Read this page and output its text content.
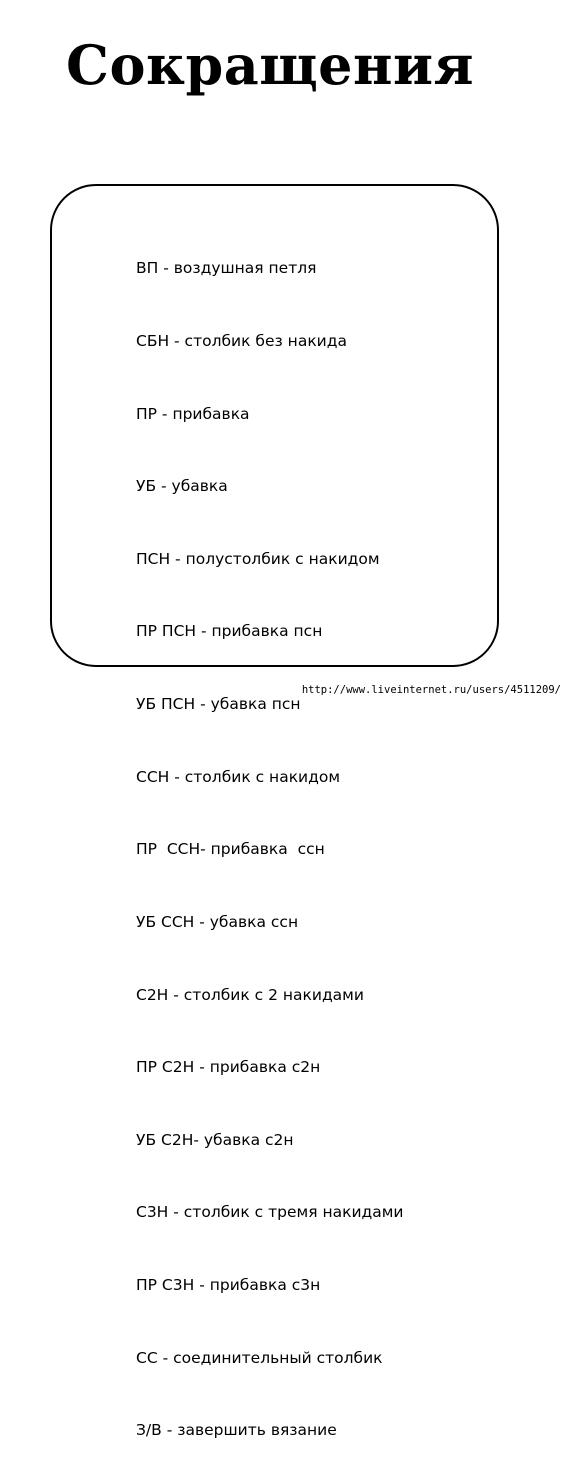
Сокращения

ВП - воздушная петля

СБН - столбик без накида

ПР - прибавка

УБ - убавка

ПСН - полустолбик с накидом

ПР ПСН - прибавка псн

УБ ПСН - убавка псн

ССН - столбик с накидом

ПР  ССН- прибавка  ссн

УБ ССН - убавка ссн

С2Н - столбик с 2 накидами

ПР С2Н - прибавка с2н

УБ С2Н- убавка с2н

С3Н - столбик с тремя накидами

ПР С3Н - прибавка с3н

СС - соединительный столбик

З/В - завершить вязание

http://www.liveinternet.ru/users/4511209/
